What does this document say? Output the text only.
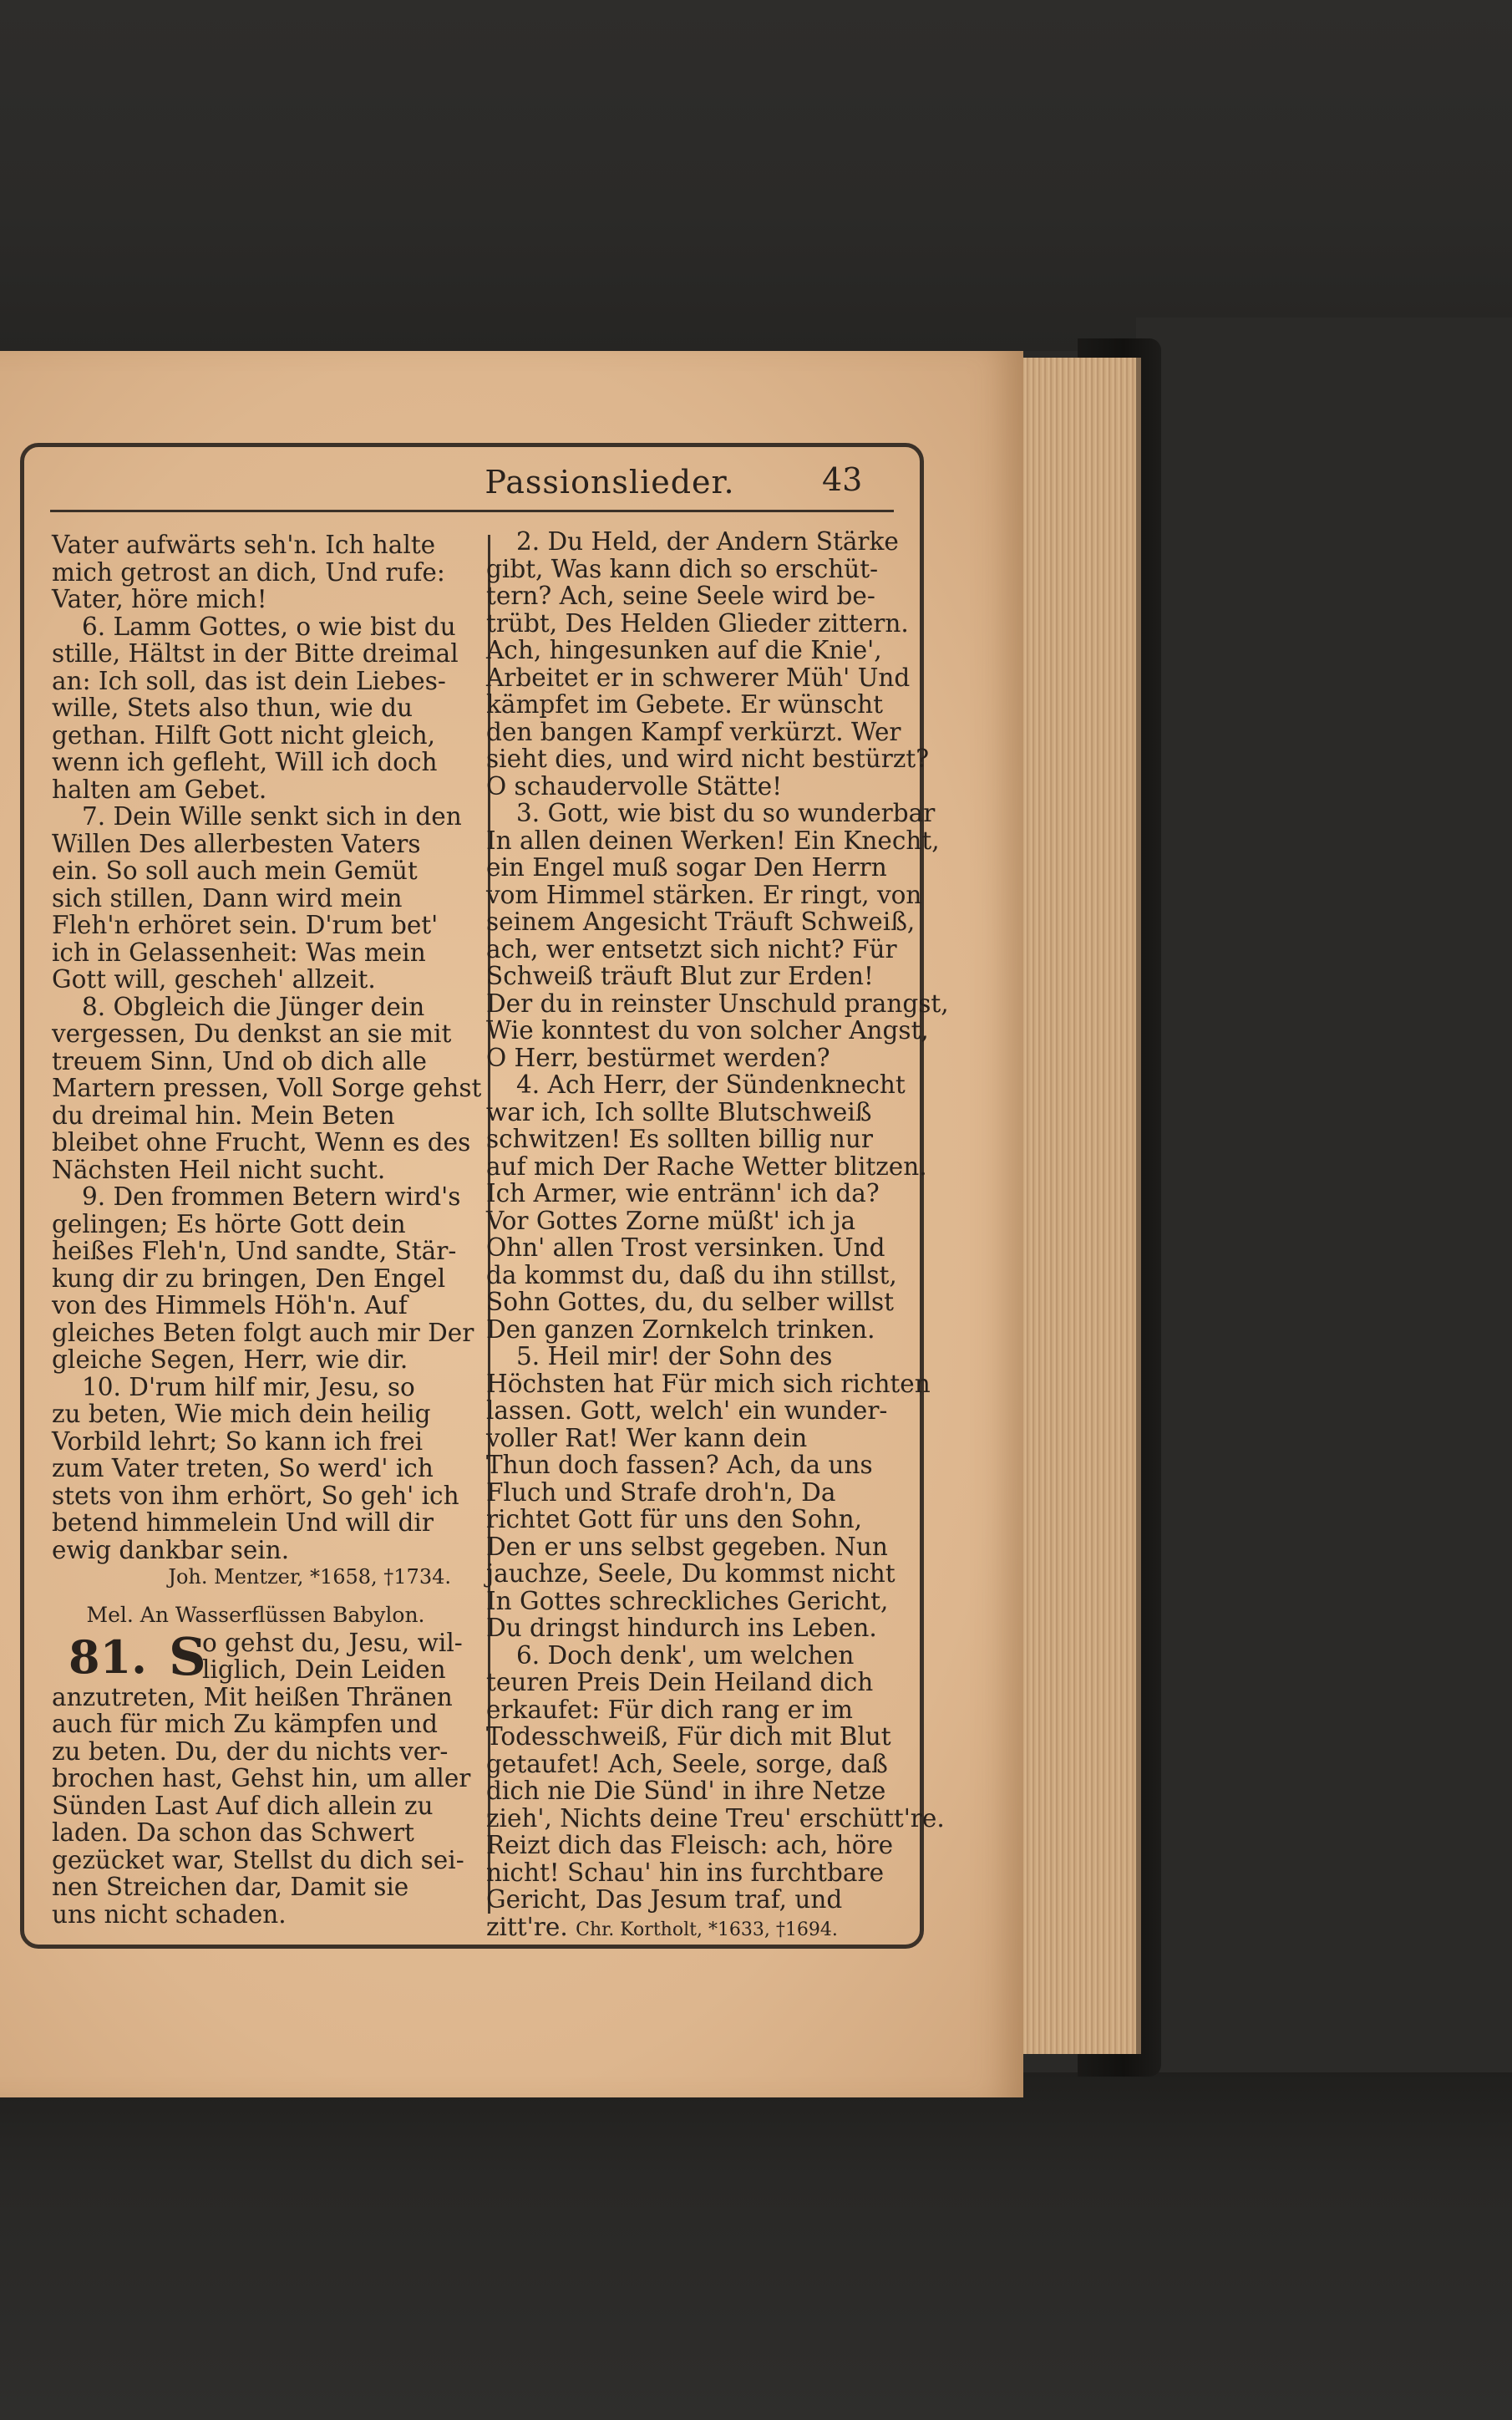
Passionslieder.	43
Vater aufwärts seh'n. Ich halte
mich getrost an dich, Und rufe:
Vater, höre mich!
6. Lamm Gottes, o wie bist du
stille, Hältst in der Bitte dreimal
an: Ich soll, das ist dein Liebes-
wille, Stets also thun, wie du
gethan. Hilft Gott nicht gleich,
wenn ich gefleht, Will ich doch
halten am Gebet.
7. Dein Wille senkt sich in den
Willen Des allerbesten Vaters
ein. So soll auch mein Gemüt
sich stillen, Dann wird mein
Fleh'n erhöret sein. D'rum bet'
ich in Gelassenheit: Was mein
Gott will, gescheh' allzeit.
8. Obgleich die Jünger dein
vergessen, Du denkst an sie mit
treuem Sinn, Und ob dich alle
Martern pressen, Voll Sorge gehst
du dreimal hin. Mein Beten
bleibet ohne Frucht, Wenn es des
Nächsten Heil nicht sucht.
9. Den frommen Betern wird's
gelingen; Es hörte Gott dein
heißes Fleh'n, Und sandte, Stär-
kung dir zu bringen, Den Engel
von des Himmels Höh'n. Auf
gleiches Beten folgt auch mir Der
gleiche Segen, Herr, wie dir.
10. D'rum hilf mir, Jesu, so
zu beten, Wie mich dein heilig
Vorbild lehrt; So kann ich frei
zum Vater treten, So werd' ich
stets von ihm erhört, So geh' ich
betend himmelein Und will dir
ewig dankbar sein.
Joh. Mentzer, *1658, †1734.
Mel. An Wasserflüssen Babylon.
81. S
o gehst du, Jesu, wil-
liglich, Dein Leiden
anzutreten, Mit heißen Thränen
auch für mich Zu kämpfen und
zu beten. Du, der du nichts ver-
brochen hast, Gehst hin, um aller
Sünden Last Auf dich allein zu
laden. Da schon das Schwert
gezücket war, Stellst du dich sei-
nen Streichen dar, Damit sie
uns nicht schaden.
2. Du Held, der Andern Stärke
gibt, Was kann dich so erschüt-
tern? Ach, seine Seele wird be-
trübt, Des Helden Glieder zittern.
Ach, hingesunken auf die Knie',
Arbeitet er in schwerer Müh' Und
kämpfet im Gebete. Er wünscht
den bangen Kampf verkürzt. Wer
sieht dies, und wird nicht bestürzt?
O schaudervolle Stätte!
3. Gott, wie bist du so wunderbar
In allen deinen Werken! Ein Knecht,
ein Engel muß sogar Den Herrn
vom Himmel stärken. Er ringt, von
seinem Angesicht Träuft Schweiß,
ach, wer entsetzt sich nicht? Für
Schweiß träuft Blut zur Erden!
Der du in reinster Unschuld prangst,
Wie konntest du von solcher Angst,
O Herr, bestürmet werden?
4. Ach Herr, der Sündenknecht
war ich, Ich sollte Blutschweiß
schwitzen! Es sollten billig nur
auf mich Der Rache Wetter blitzen.
Ich Armer, wie entränn' ich da?
Vor Gottes Zorne müßt' ich ja
Ohn' allen Trost versinken. Und
da kommst du, daß du ihn stillst,
Sohn Gottes, du, du selber willst
Den ganzen Zornkelch trinken.
5. Heil mir! der Sohn des
Höchsten hat Für mich sich richten
lassen. Gott, welch' ein wunder-
voller Rat! Wer kann dein
Thun doch fassen? Ach, da uns
Fluch und Strafe droh'n, Da
richtet Gott für uns den Sohn,
Den er uns selbst gegeben. Nun
jauchze, Seele, Du kommst nicht
In Gottes schreckliches Gericht,
Du dringst hindurch ins Leben.
6. Doch denk', um welchen
teuren Preis Dein Heiland dich
erkaufet: Für dich rang er im
Todesschweiß, Für dich mit Blut
getaufet! Ach, Seele, sorge, daß
dich nie Die Sünd' in ihre Netze
zieh', Nichts deine Treu' erschütt're.
Reizt dich das Fleisch: ach, höre
nicht! Schau' hin ins furchtbare
Gericht, Das Jesum traf, und
zitt're. Chr. Kortholt, *1633, †1694.
